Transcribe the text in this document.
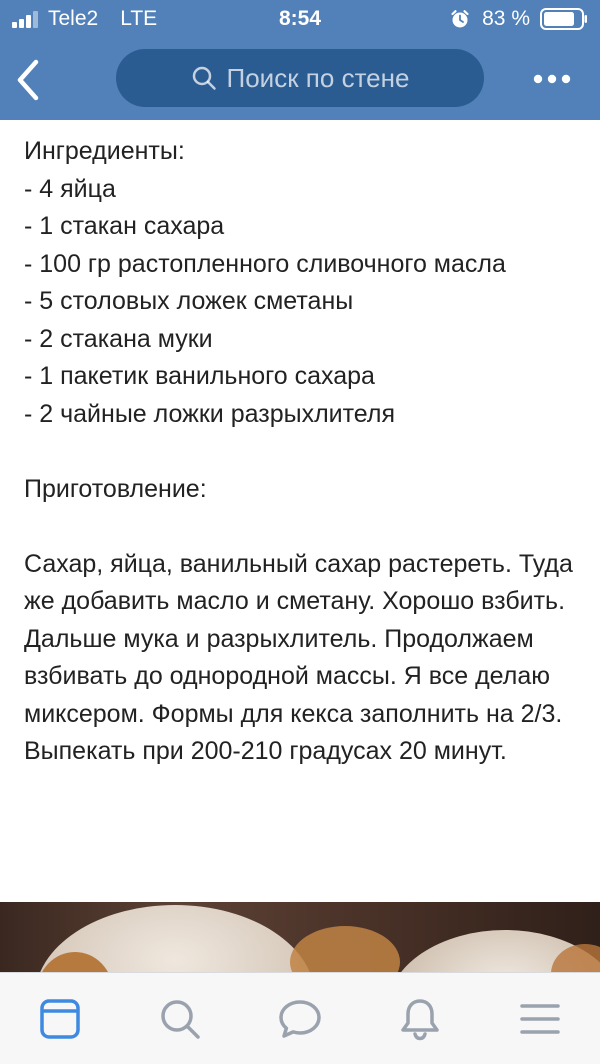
Tele2 LTE	8:54	83 %
Поиск по стене

Ингредиенты:

- 4 яйца

- 1 стакан сахара

- 100 гр растопленного сливочного масла

- 5 столовых ложек сметаны

- 2 стакана муки

- 1 пакетик ванильного сахара

- 2 чайные ложки разрыхлителя

Приготовление:

Сахар, яйца, ванильный сахар растереть. Туда же добавить масло и сметану. Хорошо взбить. Дальше мука и разрыхлитель. Продолжаем взбивать до однородной массы. Я все делаю миксером. Формы для кекса заполнить на 2/3. Выпекать при 200-210 градусах 20 минут.
